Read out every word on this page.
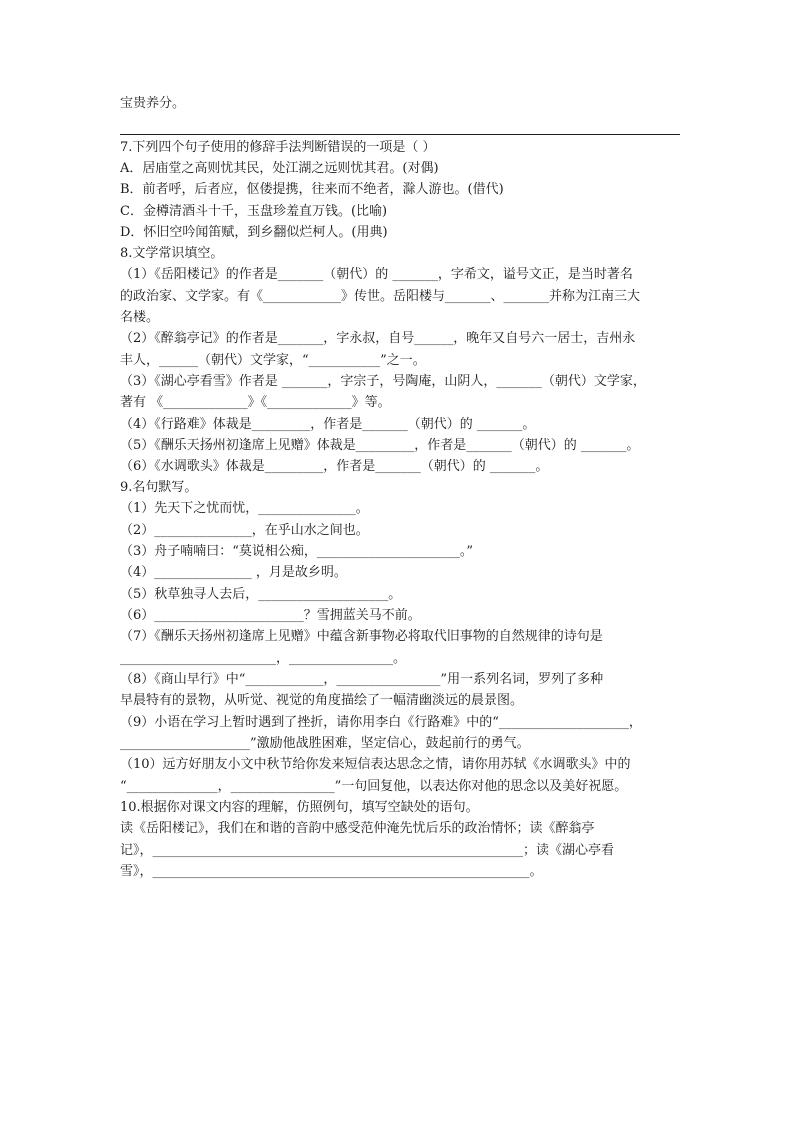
宝贵养分。
7.下列四个句子使用的修辞手法判断错误的一项是（ ）
A．居庙堂之高则忧其民，处江湖之远则忧其君。(对偶)
B．前者呼，后者应，伛偻提携，往来而不绝者，滁人游也。(借代)
C．金樽清酒斗十千，玉盘珍羞直万钱。(比喻)
D．怀旧空吟闻笛赋，到乡翻似烂柯人。(用典)
8.文学常识填空。
（1）《岳阳楼记》的作者是_______（朝代）的 _______，字希文，谥号文正，是当时著名
的政治家、文学家。有《____________》传世。岳阳楼与_______、_______并称为江南三大
名楼。
（2）《醉翁亭记》的作者是_______，字永叔，自号______，晚年又自号六一居士，吉州永
丰人，______（朝代）文学家，“___________”之一。
（3）《湖心亭看雪》作者是 _______，字宗子，号陶庵，山阴人，_______（朝代）文学家，
著有 《_____________》《_____________》等。
（4）《行路难》体裁是_________，作者是_______（朝代）的 _______。
（5）《酬乐天扬州初逢席上见赠》体裁是_________，作者是_______（朝代）的 _______。
（6）《水调歌头》体裁是_________，作者是_______（朝代）的 _______。
9.名句默写。
（1）先天下之忧而忧，_______________。
（2）_______________，在乎山水之间也。
（3）舟子喃喃曰：“莫说相公痴，______________________。”
（4）_______________ ，月是故乡明。
（5）秋草独寻人去后，____________________。
（6）_______________________？雪拥蓝关马不前。
（7）《酬乐天扬州初逢席上见赠》中蕴含新事物必将取代旧事物的自然规律的诗句是
________________________，________________。
（8）《商山早行》中“____________，________________”用一系列名词，罗列了多种
早晨特有的景物，从听觉、视觉的角度描绘了一幅清幽淡远的晨景图。
（9）小语在学习上暂时遇到了挫折，请你用李白《行路难》中的“____________________，
____________________”激励他战胜困难，坚定信心，鼓起前行的勇气。
（10）远方好朋友小文中秋节给你发来短信表达思念之情，请你用苏轼《水调歌头》中的
“______________，________________”一句回复他，以表达你对他的思念以及美好祝愿。
10.根据你对课文内容的理解，仿照例句，填写空缺处的语句。
读《岳阳楼记》，我们在和谐的音韵中感受范仲淹先忧后乐的政治情怀；读《醉翁亭
记》，_________________________________________________________；读《湖心亭看
雪》，__________________________________________________________。
